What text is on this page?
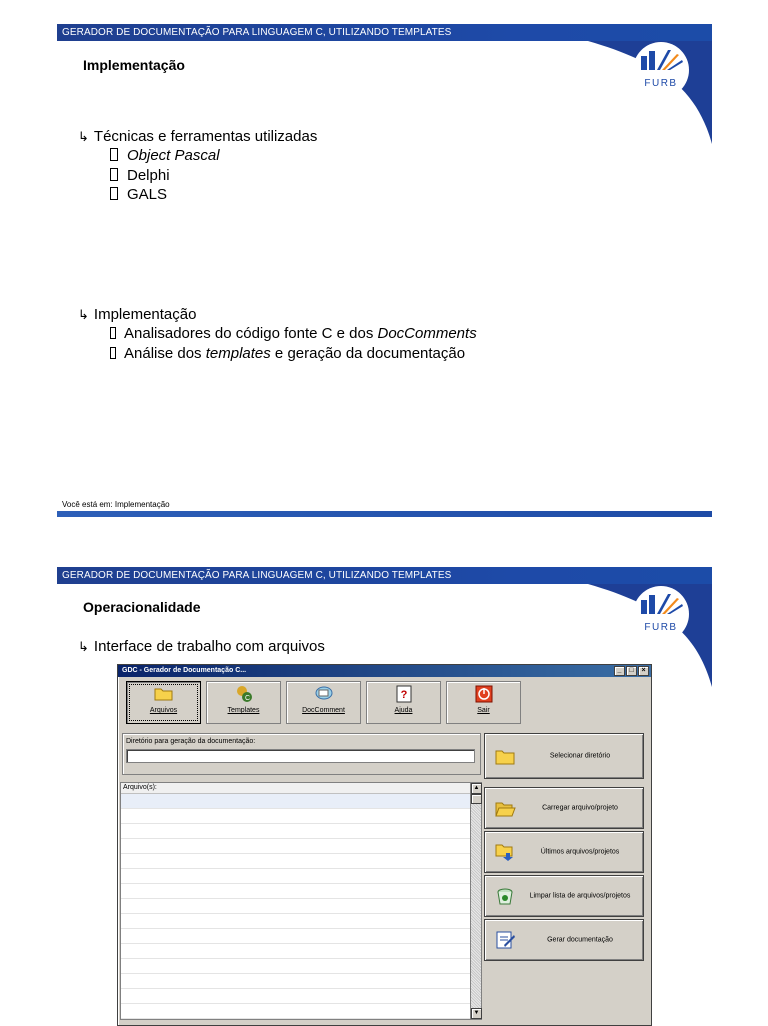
GERADOR DE DOCUMENTAÇÃO PARA LINGUAGEM C, UTILIZANDO TEMPLATES
FURB
Implementação
↳ Técnicas e ferramentas utilizadas
Object Pascal
Delphi
GALS
↳ Implementação
Analisadores do código fonte C e dos DocComments
Análise dos templates e geração da documentação
Você está em: Implementação
GERADOR DE DOCUMENTAÇÃO PARA LINGUAGEM C, UTILIZANDO TEMPLATES
FURB
Operacionalidade
↳ Interface de trabalho com arquivos
GDC - Gerador de Documentação C...	_	□	×
Arquivos
C
Templates	DocComment
?
Ajuda	Sair
Diretório para geração da documentação:
Arquivo(s):	▲
▼
Selecionar diretório
Carregar arquivo/projeto
Últimos arquivos/projetos
Limpar lista de arquivos/projetos
Gerar documentação
